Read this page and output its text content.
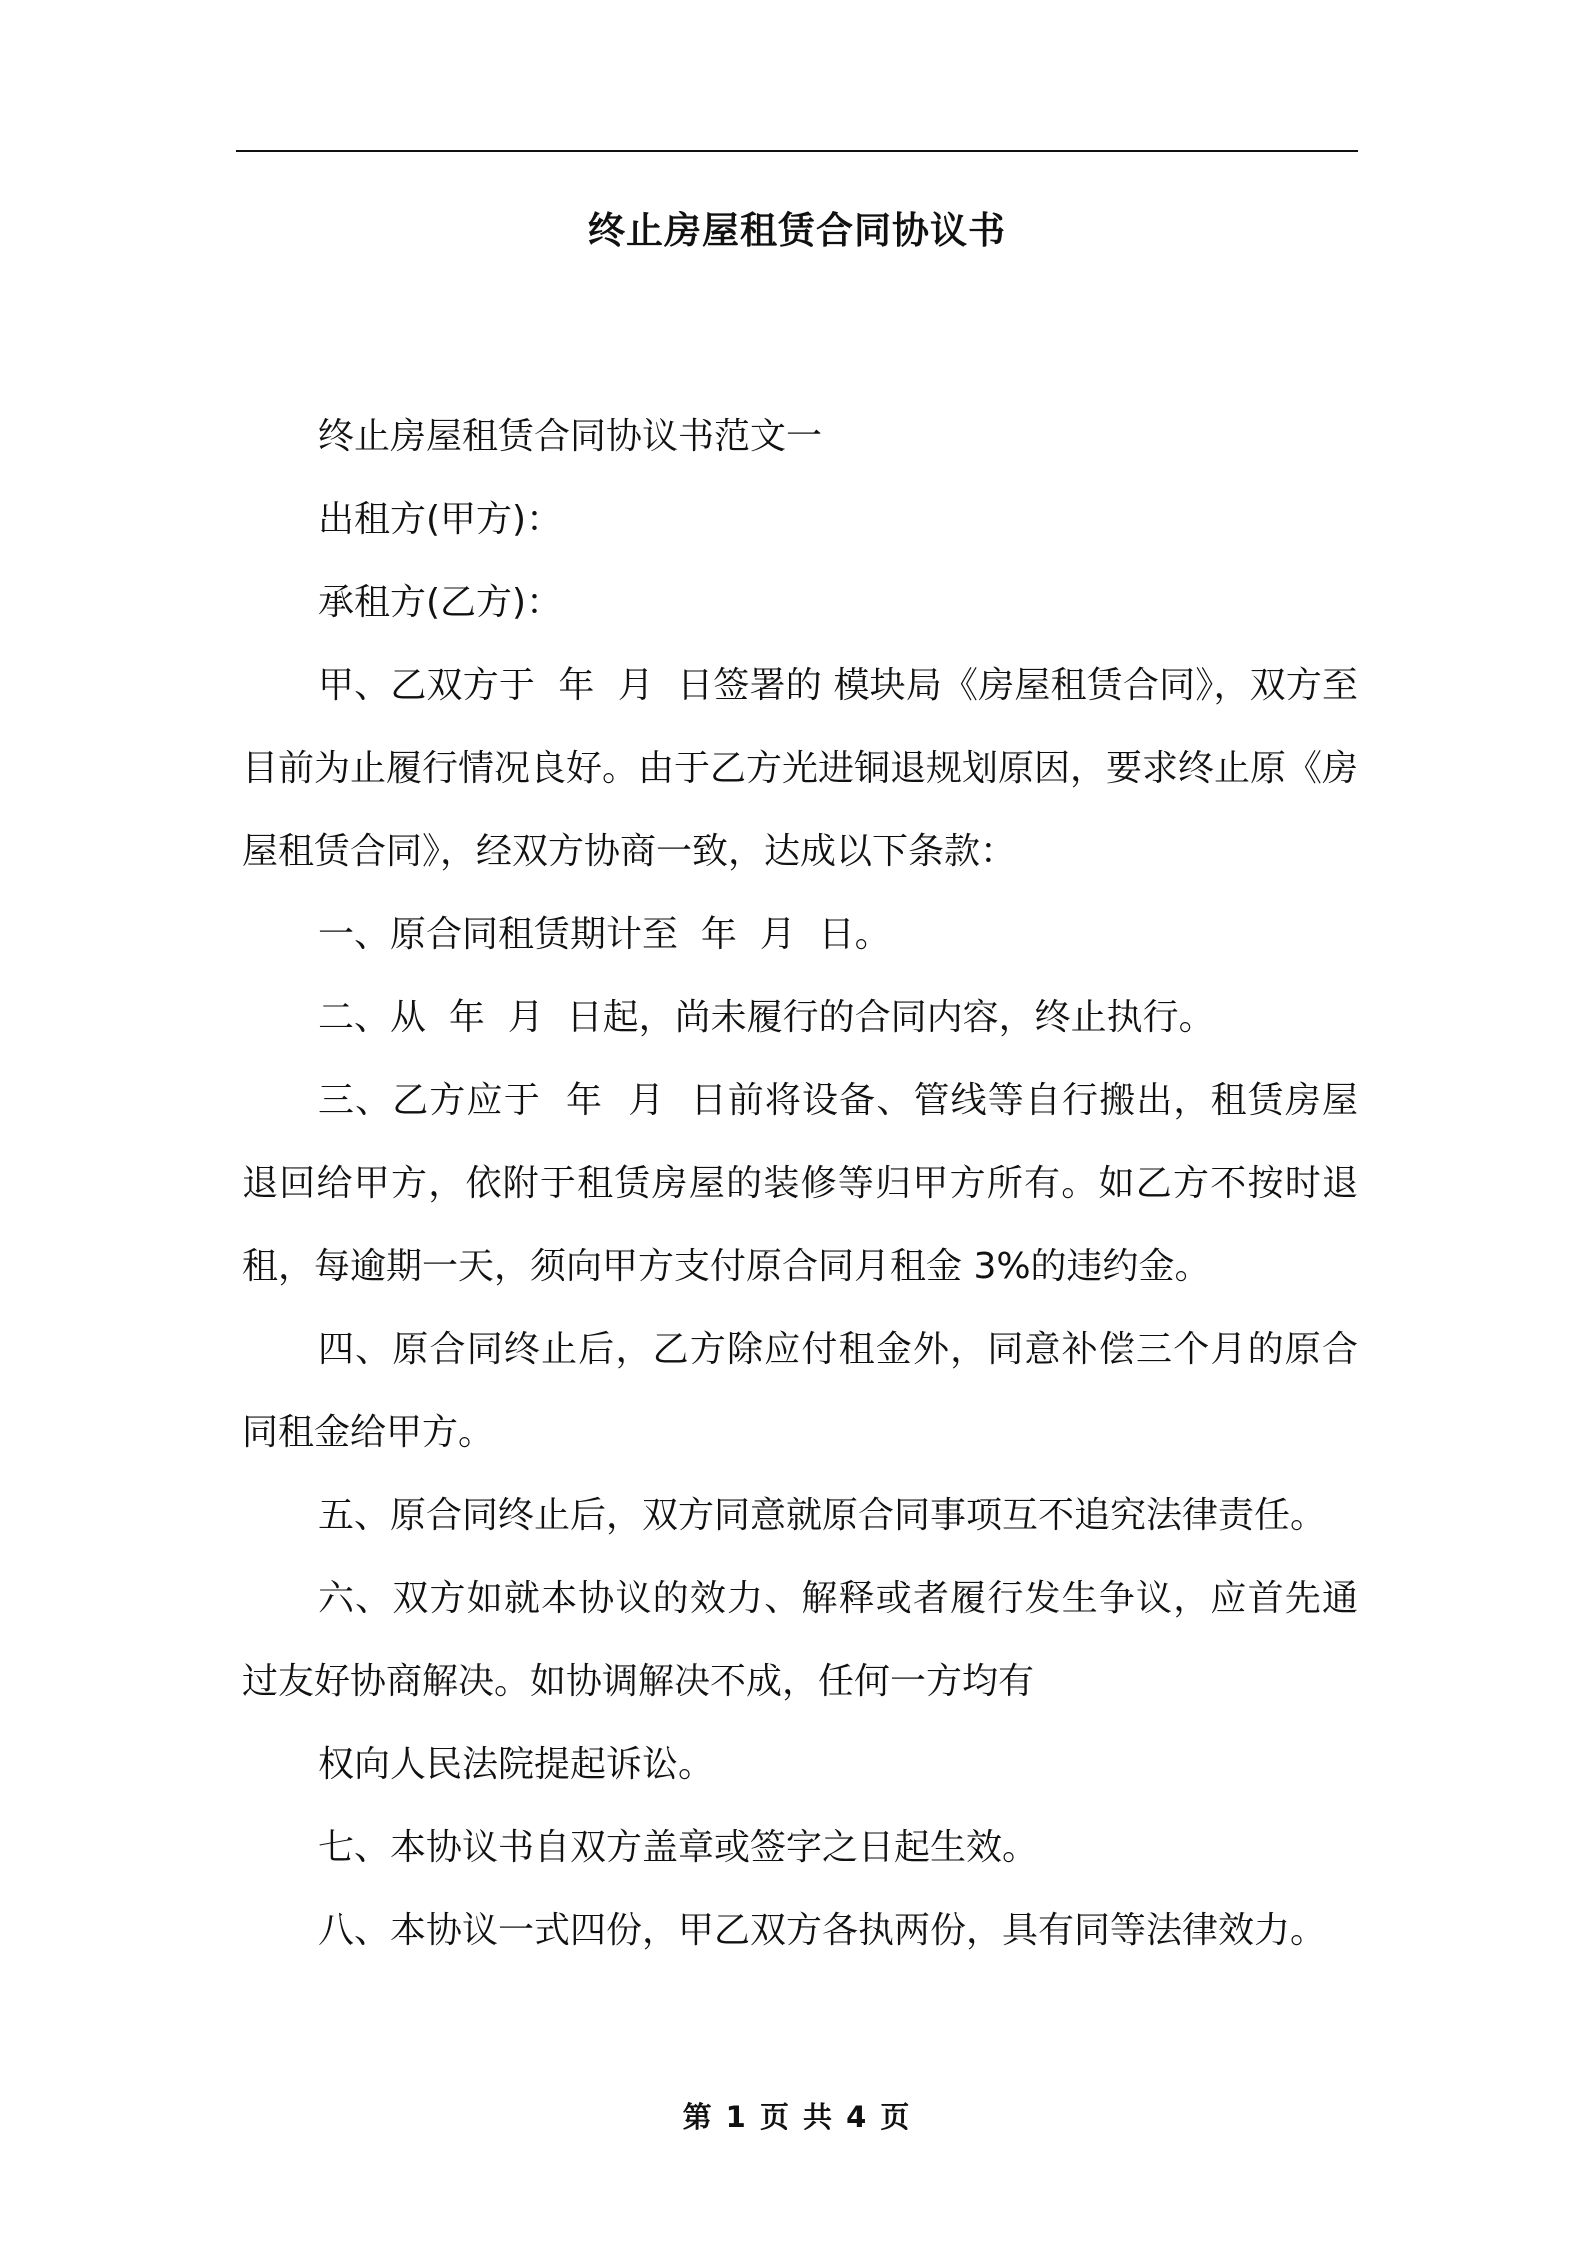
终止房屋租赁合同协议书

终止房屋租赁合同协议书范文一

出租方(甲方)：

承租方(乙方)：

甲、乙双方于  年  月  日签署的 模块局《房屋租赁合同》，双方至目前为止履行情况良好。由于乙方光进铜退规划原因，要求终止原《房屋租赁合同》，经双方协商一致，达成以下条款：

一、原合同租赁期计至  年  月  日。

二、从  年  月  日起，尚未履行的合同内容，终止执行。

三、乙方应于  年  月  日前将设备、管线等自行搬出，租赁房屋退回给甲方，依附于租赁房屋的装修等归甲方所有。如乙方不按时退租，每逾期一天，须向甲方支付原合同月租金 3%的违约金。

四、原合同终止后，乙方除应付租金外，同意补偿三个月的原合同租金给甲方。

五、原合同终止后，双方同意就原合同事项互不追究法律责任。

六、双方如就本协议的效力、解释或者履行发生争议，应首先通过友好协商解决。如协调解决不成，任何一方均有

权向人民法院提起诉讼。

七、本协议书自双方盖章或签字之日起生效。

八、本协议一式四份，甲乙双方各执两份，具有同等法律效力。

第 1 页 共 4 页
